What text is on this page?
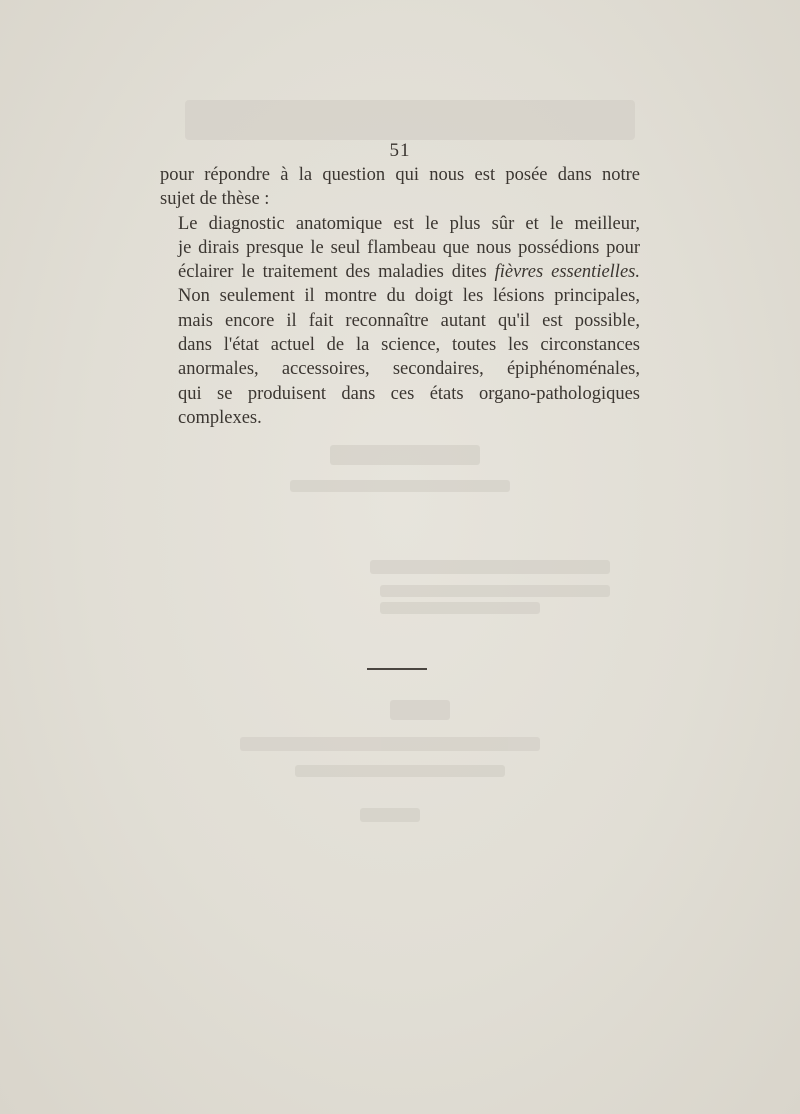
51

pour répondre à la question qui nous est posée dans notre
sujet de thèse :

Le diagnostic anatomique est le plus sûr et le meilleur,
je dirais presque le seul flambeau que nous possédions pour
éclairer le traitement des maladies dites fièvres essentielles.
Non seulement il montre du doigt les lésions principales,
mais encore il fait reconnaître autant qu'il est possible,
dans l'état actuel de la science, toutes les circonstances
anormales, accessoires, secondaires, épiphénoménales,
qui se produisent dans ces états organo-pathologiques
complexes.
